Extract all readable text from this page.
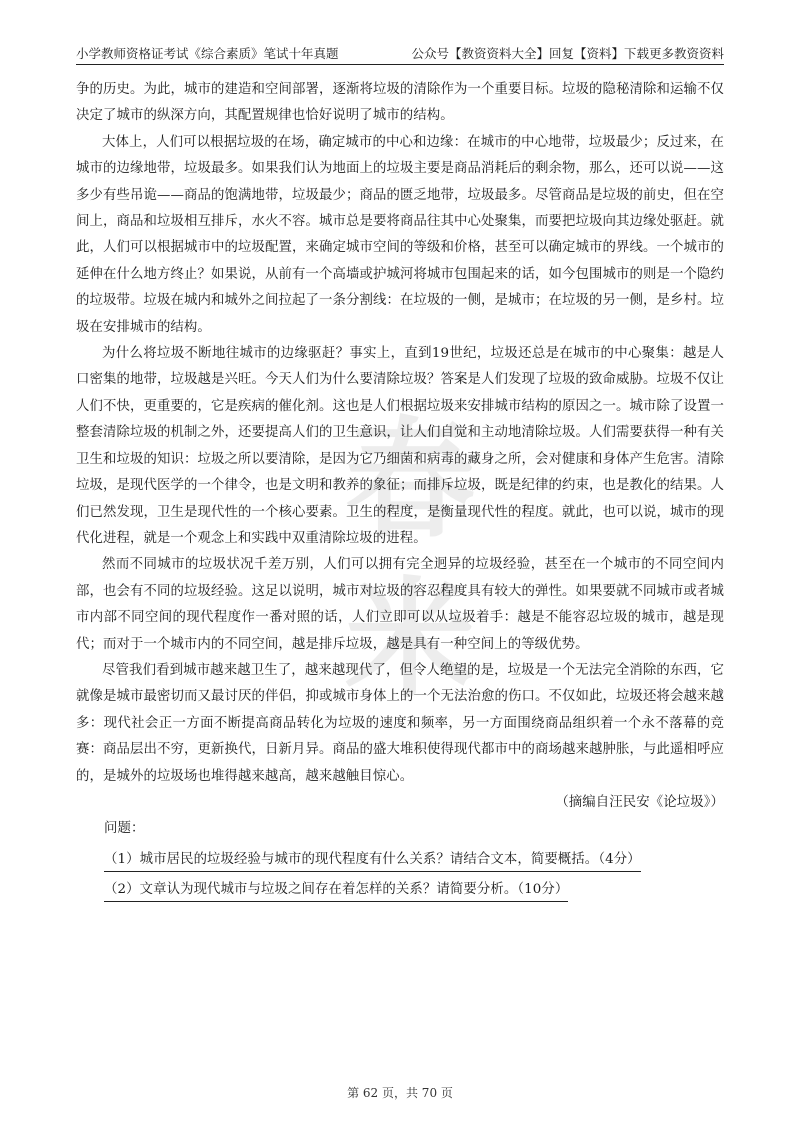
小学教师资格证考试《综合素质》笔试十年真题	公众号【教资资料大全】回复【资料】下载更多教资资料
春米

争的历史。为此，城市的建造和空间部署，逐渐将垃圾的清除作为一个重要目标。垃圾的隐秘清除和运输不仅决定了城市的纵深方向，其配置规律也恰好说明了城市的结构。

大体上，人们可以根据垃圾的在场，确定城市的中心和边缘：在城市的中心地带，垃圾最少；反过来，在城市的边缘地带，垃圾最多。如果我们认为地面上的垃圾主要是商品消耗后的剩余物，那么，还可以说——这多少有些吊诡——商品的饱满地带，垃圾最少；商品的匮乏地带，垃圾最多。尽管商品是垃圾的前史，但在空间上，商品和垃圾相互排斥，水火不容。城市总是要将商品往其中心处聚集，而要把垃圾向其边缘处驱赶。就此，人们可以根据城市中的垃圾配置，来确定城市空间的等级和价格，甚至可以确定城市的界线。一个城市的延伸在什么地方终止？如果说，从前有一个高墙或护城河将城市包围起来的话，如今包围城市的则是一个隐约的垃圾带。垃圾在城内和城外之间拉起了一条分割线：在垃圾的一侧，是城市；在垃圾的另一侧，是乡村。垃圾在安排城市的结构。

为什么将垃圾不断地往城市的边缘驱赶？事实上，直到19世纪，垃圾还总是在城市的中心聚集：越是人口密集的地带，垃圾越是兴旺。今天人们为什么要清除垃圾？答案是人们发现了垃圾的致命威胁。垃圾不仅让人们不快，更重要的，它是疾病的催化剂。这也是人们根据垃圾来安排城市结构的原因之一。城市除了设置一整套清除垃圾的机制之外，还要提高人们的卫生意识，让人们自觉和主动地清除垃圾。人们需要获得一种有关卫生和垃圾的知识：垃圾之所以要清除，是因为它乃细菌和病毒的藏身之所，会对健康和身体产生危害。清除垃圾，是现代医学的一个律令，也是文明和教养的象征；而排斥垃圾，既是纪律的约束，也是教化的结果。人们已然发现，卫生是现代性的一个核心要素。卫生的程度，是衡量现代性的程度。就此，也可以说，城市的现代化进程，就是一个观念上和实践中双重清除垃圾的进程。

然而不同城市的垃圾状况千差万别，人们可以拥有完全迥异的垃圾经验，甚至在一个城市的不同空间内部，也会有不同的垃圾经验。这足以说明，城市对垃圾的容忍程度具有较大的弹性。如果要就不同城市或者城市内部不同空间的现代程度作一番对照的话，人们立即可以从垃圾着手：越是不能容忍垃圾的城市，越是现代；而对于一个城市内的不同空间，越是排斥垃圾，越是具有一种空间上的等级优势。

尽管我们看到城市越来越卫生了，越来越现代了，但令人绝望的是，垃圾是一个无法完全消除的东西，它就像是城市最密切而又最讨厌的伴侣，抑或城市身体上的一个无法治愈的伤口。不仅如此，垃圾还将会越来越多：现代社会正一方面不断提高商品转化为垃圾的速度和频率，另一方面围绕商品组织着一个永不落幕的竞赛：商品层出不穷，更新换代，日新月异。商品的盛大堆积使得现代都市中的商场越来越肿胀，与此遥相呼应的，是城外的垃圾场也堆得越来越高，越来越触目惊心。

（摘编自汪民安《论垃圾》）

问题：

（1）城市居民的垃圾经验与城市的现代程度有什么关系？请结合文本，简要概括。（4分）
（2）文章认为现代城市与垃圾之间存在着怎样的关系？请简要分析。（10分）
第 62 页，共 70 页
